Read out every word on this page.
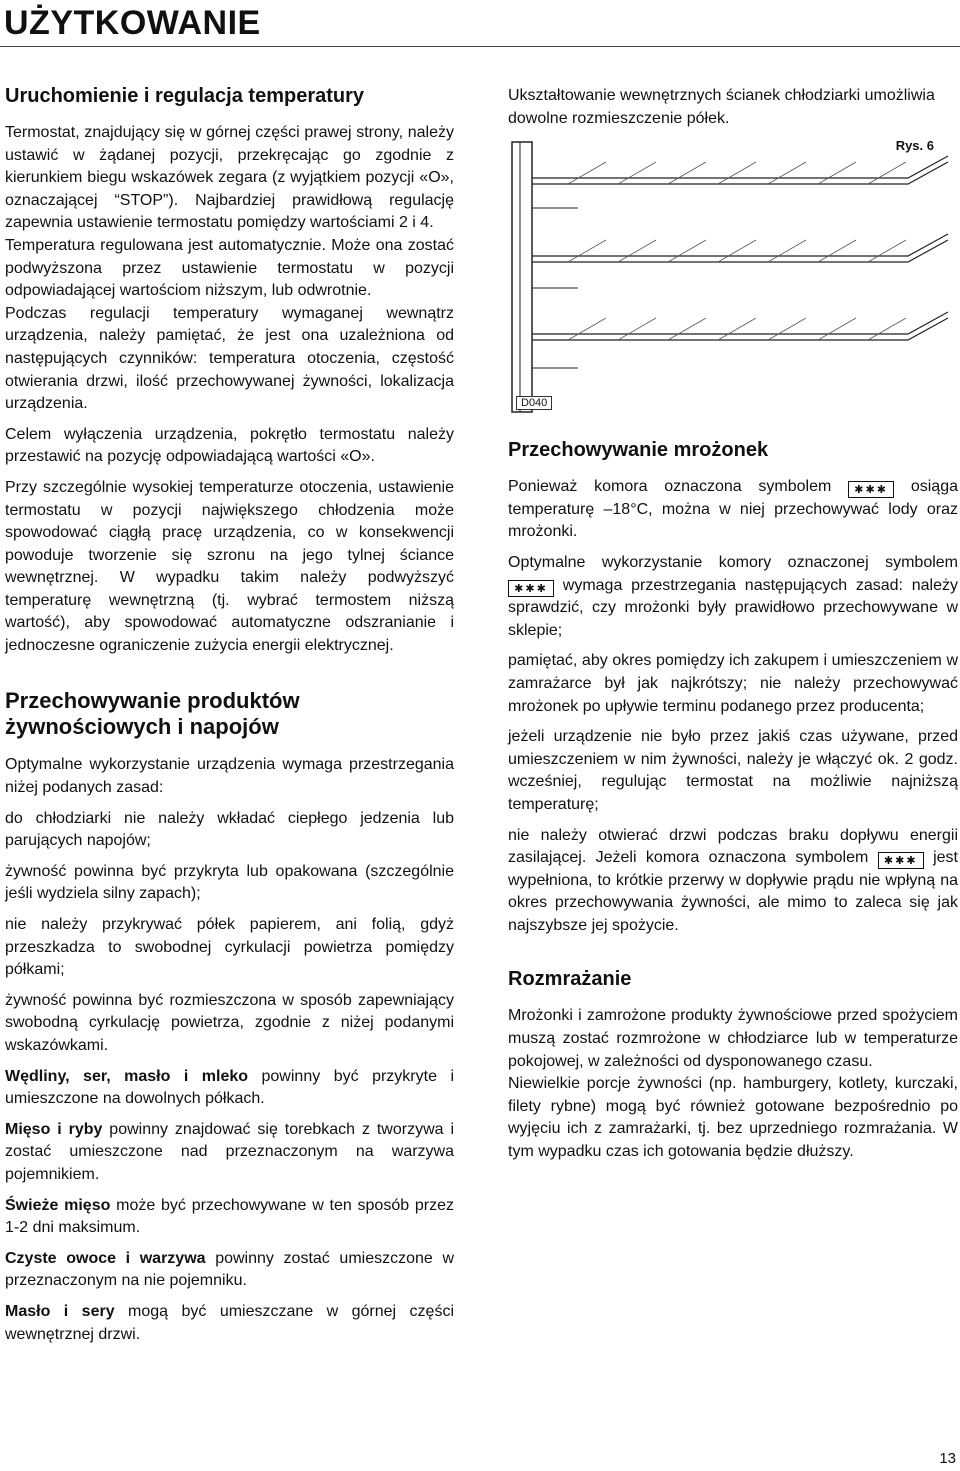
UŻYTKOWANIE
Uruchomienie i regulacja temperatury

Termostat, znajdujący się w górnej części prawej strony, należy ustawić w żądanej pozycji, przekręcając go zgodnie z kierunkiem biegu wskazówek zegara (z wyjątkiem pozycji «O», oznaczającej “STOP”). Najbardziej prawidłową regulację zapewnia ustawienie termostatu pomiędzy wartościami 2 i 4.

Temperatura regulowana jest automatycznie. Może ona zostać podwyższona przez ustawienie termostatu w pozycji odpowiadającej wartościom niższym, lub odwrotnie.

Podczas regulacji temperatury wymaganej wewnątrz urządzenia, należy pamiętać, że jest ona uzależniona od następujących czynników: temperatura otoczenia, częstość otwierania drzwi, ilość przechowywanej żywności, lokalizacja urządzenia.

Celem wyłączenia urządzenia, pokrętło termostatu należy przestawić na pozycję odpowiadającą wartości «O».

Przy szczególnie wysokiej temperaturze otoczenia, ustawienie termostatu w pozycji największego chłodzenia może spowodować ciągłą pracę urządzenia, co w konsekwencji powoduje tworzenie się szronu na jego tylnej ściance wewnętrznej. W wypadku takim należy podwyższyć temperaturę wewnętrzną (tj. wybrać termostem niższą wartość), aby spowodować automatyczne odszranianie i jednoczesne ograniczenie zużycia energii elektrycznej.

Przechowywanie produktów żywnościowych i napojów

Optymalne wykorzystanie urządzenia wymaga przestrzegania niżej podanych zasad:

do chłodziarki nie należy wkładać ciepłego jedzenia lub parujących napojów;

żywność powinna być przykryta lub opakowana (szczególnie jeśli wydziela silny zapach);

nie należy przykrywać półek papierem, ani folią, gdyż przeszkadza to swobodnej cyrkulacji powietrza pomiędzy półkami;

żywność powinna być rozmieszczona w sposób zapewniający swobodną cyrkulację powietrza, zgodnie z niżej podanymi wskazówkami.

Wędliny, ser, masło i mleko powinny być przykryte i umieszczone na dowolnych półkach.

Mięso i ryby powinny znajdować się torebkach z tworzywa i zostać umieszczone nad przeznaczonym na warzywa pojemnikiem.

Świeże mięso może być przechowywane w ten sposób przez 1-2 dni maksimum.

Czyste owoce i warzywa powinny zostać umieszczone w przeznaczonym na nie pojemniku.

Masło i sery mogą być umieszczane w górnej części wewnętrznej drzwi.

Ukształtowanie wewnętrznych ścianek chłodziarki umożliwia dowolne rozmieszczenie półek.

Rys. 6
D040
Przechowywanie mrożonek

Ponieważ komora oznaczona symbolem ✱✱✱ osiąga temperaturę –18°C, można w niej przechowywać lody oraz mrożonki.

Optymalne wykorzystanie komory oznaczonej symbolem ✱✱✱ wymaga przestrzegania następujących zasad: należy sprawdzić, czy mrożonki były prawidłowo przechowywane w sklepie;

pamiętać, aby okres pomiędzy ich zakupem i umieszczeniem w zamrażarce był jak najkrótszy; nie należy przechowywać mrożonek po upływie terminu podanego przez producenta;

jeżeli urządzenie nie było przez jakiś czas używane, przed umieszczeniem w nim żywności, należy je włączyć ok. 2 godz. wcześniej, regulując termostat na możliwie najniższą temperaturę;

nie należy otwierać drzwi podczas braku dopływu energii zasilającej. Jeżeli komora oznaczona symbolem ✱✱✱ jest wypełniona, to krótkie przerwy w dopływie prądu nie wpłyną na okres przechowywania żywności, ale mimo to zaleca się jak najszybsze jej spożycie.

Rozmrażanie

Mrożonki i zamrożone produkty żywnościowe przed spożyciem muszą zostać rozmrożone w chłodziarce lub w temperaturze pokojowej, w zależności od dysponowanego czasu.

Niewielkie porcje żywności (np. hamburgery, kotlety, kurczaki, filety rybne) mogą być również gotowane bezpośrednio po wyjęciu ich z zamrażarki, tj. bez uprzedniego rozmrażania. W tym wypadku czas ich gotowania będzie dłuższy.

13
